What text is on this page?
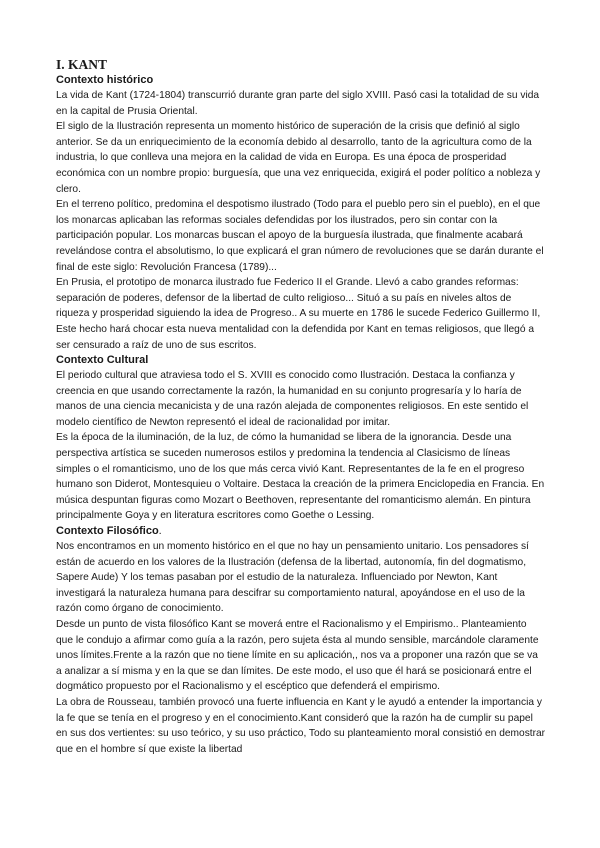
I. KANT
Contexto histórico

La vida de Kant (1724-1804) transcurrió durante gran parte del siglo XVIII. Pasó casi la totalidad de su vida en la capital de Prusia Oriental.

El siglo de la Ilustración representa un momento histórico de superación de la crisis que definió al siglo anterior. Se da un enriquecimiento de la economía debido al desarrollo, tanto de la agricultura como de la industria, lo que conlleva una mejora en la calidad de vida en Europa. Es una época de prosperidad económica con un nombre propio: burguesía, que una vez enriquecida, exigirá el poder político a nobleza y clero.

En el terreno político, predomina el despotismo ilustrado (Todo para el pueblo pero sin el pueblo), en el que los monarcas aplicaban las reformas sociales defendidas por los ilustrados, pero sin contar con la participación popular. Los monarcas buscan el apoyo de la burguesía ilustrada, que finalmente acabará revelándose contra el absolutismo, lo que explicará el gran número de revoluciones que se darán durante el final de este siglo: Revolución Francesa (1789)...

En Prusia, el prototipo de monarca ilustrado fue Federico II el Grande. Llevó a cabo grandes reformas: separación de poderes, defensor de la libertad de culto religioso... Situó a su país en niveles altos de riqueza y prosperidad siguiendo la idea de Progreso.. A su muerte en 1786 le sucede Federico Guillermo II, Este hecho hará chocar esta nueva mentalidad con la defendida por Kant en temas religiosos, que llegó a ser censurado a raíz de uno de sus escritos.

Contexto Cultural

El periodo cultural que atraviesa todo el S. XVIII es conocido como Ilustración. Destaca la confianza y creencia en que usando correctamente la razón, la humanidad en su conjunto progresaría y lo haría de manos de una ciencia mecanicista y de una razón alejada de componentes religiosos. En este sentido el modelo científico de Newton representó el ideal de racionalidad por imitar.

Es la época de la iluminación, de la luz, de cómo la humanidad se libera de la ignorancia. Desde una perspectiva artística se suceden numerosos estilos y predomina la tendencia al Clasicismo de líneas simples o el romanticismo, uno de los que más cerca vivió Kant. Representantes de la fe en el progreso humano son Diderot, Montesquieu o Voltaire. Destaca la creación de la primera Enciclopedia en Francia. En música despuntan figuras como Mozart o Beethoven, representante del romanticismo alemán. En pintura principalmente Goya y en literatura escritores como Goethe o Lessing.

Contexto Filosófico.

Nos encontramos en un momento histórico en el que no hay un pensamiento unitario. Los pensadores sí están de acuerdo en los valores de la Ilustración (defensa de la libertad, autonomía, fin del dogmatismo, Sapere Aude) Y los temas pasaban por el estudio de la naturaleza. Influenciado por Newton, Kant investigará la naturaleza humana para descifrar su comportamiento natural, apoyándose en el uso de la razón como órgano de conocimiento.

Desde un punto de vista filosófico Kant se moverá entre el Racionalismo y el Empirismo.. Planteamiento que le condujo a afirmar como guía a la razón, pero sujeta ésta al mundo sensible, marcándole claramente unos límites.Frente a la razón que no tiene límite en su aplicación,, nos va a proponer una razón que se va a analizar a sí misma y en la que se dan límites. De este modo, el uso que él hará se posicionará entre el dogmático propuesto por el Racionalismo y el escéptico que defenderá el empirismo.

La obra de Rousseau, también provocó una fuerte influencia en Kant y le ayudó a entender la importancia y la fe que se tenía en el progreso y en el conocimiento.Kant consideró que la razón ha de cumplir su papel en sus dos vertientes: su uso teórico, y su uso práctico, Todo su planteamiento moral consistió en demostrar que en el hombre sí que existe la libertad
